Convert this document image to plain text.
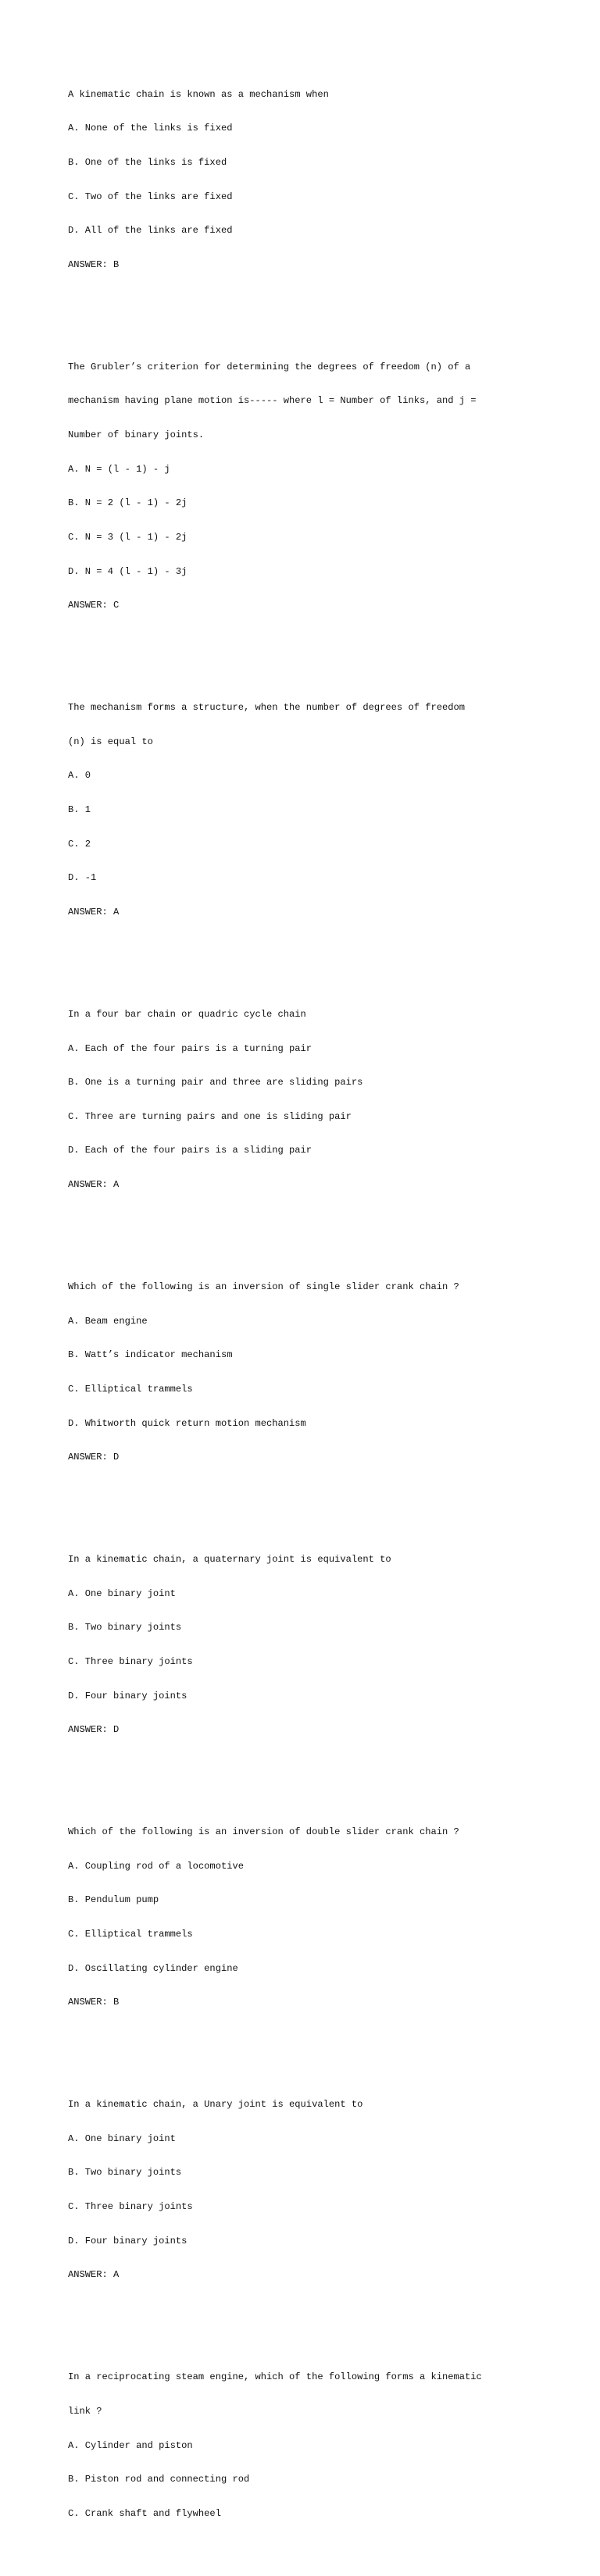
A kinematic chain is known as a mechanism when

A. None of the links is fixed

B. One of the links is fixed

C. Two of the links are fixed

D. All of the links are fixed

ANSWER: B

The Grubler’s criterion for determining the degrees of freedom (n) of a

mechanism having plane motion is----- where l = Number of links, and j =

Number of binary joints.

A. N = (l - 1) - j

B. N = 2 (l - 1) - 2j

C. N = 3 (l - 1) - 2j

D. N = 4 (l - 1) - 3j

ANSWER: C

The mechanism forms a structure, when the number of degrees of freedom

(n) is equal to

A. 0

B. 1

C. 2

D. -1

ANSWER: A

In a four bar chain or quadric cycle chain

A. Each of the four pairs is a turning pair

B. One is a turning pair and three are sliding pairs

C. Three are turning pairs and one is sliding pair

D. Each of the four pairs is a sliding pair

ANSWER: A

Which of the following is an inversion of single slider crank chain ?

A. Beam engine

B. Watt’s indicator mechanism

C. Elliptical trammels

D. Whitworth quick return motion mechanism

ANSWER: D

In a kinematic chain, a quaternary joint is equivalent to

A. One binary joint

B. Two binary joints

C. Three binary joints

D. Four binary joints

ANSWER: D

Which of the following is an inversion of double slider crank chain ?

A. Coupling rod of a locomotive

B. Pendulum pump

C. Elliptical trammels

D. Oscillating cylinder engine

ANSWER: B

In a kinematic chain, a Unary joint is equivalent to

A. One binary joint

B. Two binary joints

C. Three binary joints

D. Four binary joints

ANSWER: A

In a reciprocating steam engine, which of the following forms a kinematic

link ?

A. Cylinder and piston

B. Piston rod and connecting rod

C. Crank shaft and flywheel
